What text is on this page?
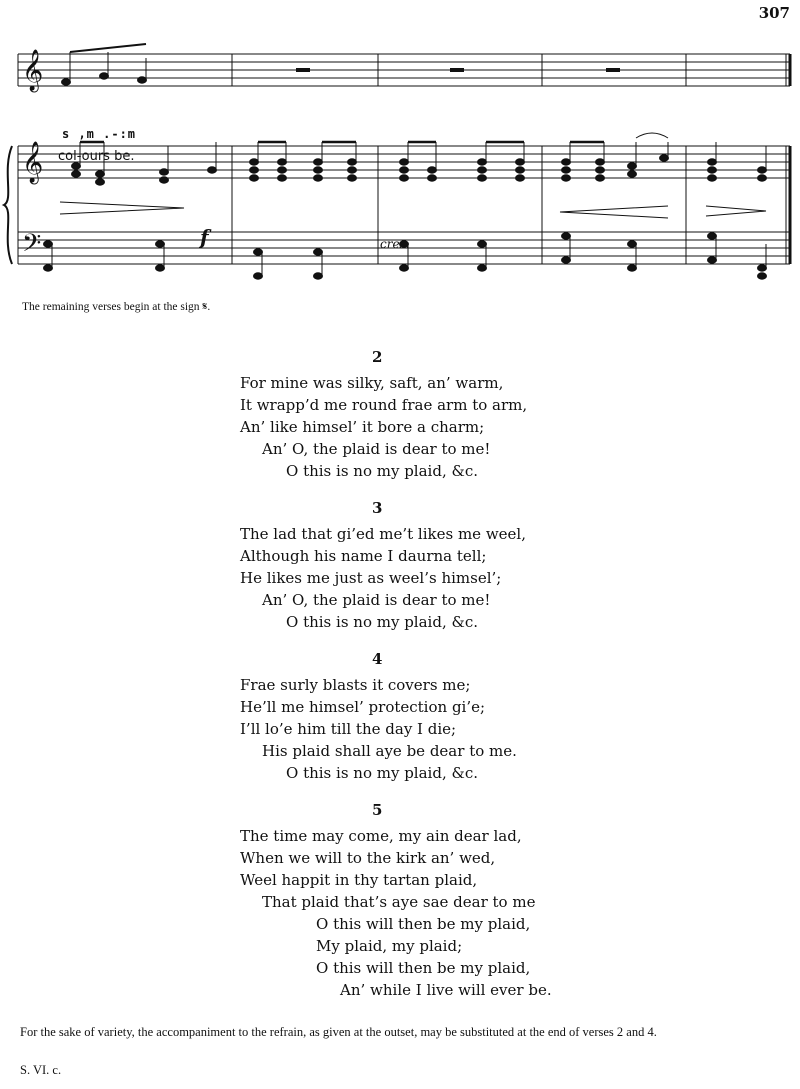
307
𝄞
𝄞
𝄢
s ,m .-:m
col-ours be.
f	cres.
The remaining verses begin at the sign 𝄋.
2
For mine was silky, saft, an’ warm,
It wrapp’d me round frae arm to arm,
An’ like himsel’ it bore a charm;
An’ O, the plaid is dear to me!
O this is no my plaid, &c.
3
The lad that gi’ed me’t likes me weel,
Although his name I daurna tell;
He likes me just as weel’s himsel’;
An’ O, the plaid is dear to me!
O this is no my plaid, &c.
4
Frae surly blasts it covers me;
He’ll me himsel’ protection gi’e;
I’ll lo’e him till the day I die;
His plaid shall aye be dear to me.
O this is no my plaid, &c.
5
The time may come, my ain dear lad,
When we will to the kirk an’ wed,
Weel happit in thy tartan plaid,
That plaid that’s aye sae dear to me
O this will then be my plaid,
My plaid, my plaid;
O this will then be my plaid,
An’ while I live will ever be.
For the sake of variety, the accompaniment to the refrain, as given at the outset, may be substituted at the end of verses 2 and 4.
S. VI. c.
